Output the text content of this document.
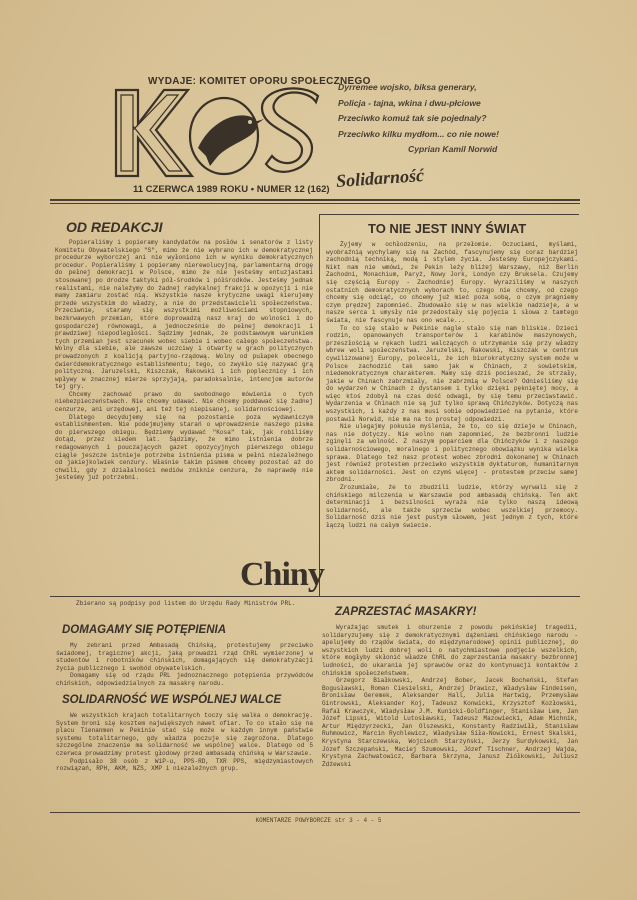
WYDAJE: KOMITET OPORU SPOŁECZNEGO
11 CZERWCA 1989 ROKU • NUMER 12 (162)
Dyrremee wojsko, biksa generary,
Policja - tajna, wkina i dwu-płciowe
Przeciwko komuż tak sie pojednaly?
Przeciwko kilku mydłom... co nie nowe!
Cyprian Kamil Norwid
Solidarność
OD REDAKCJI

Popieraliśmy i popieramy kandydatów na posłów i senatorów z listy Komitetu Obywatelskiego "S", mimo że nie wybrano ich w demokratycznej procedurze wyborczej ani nie wyłoniono ich w wyniku demokratycznych procedur. Popieraliśmy i popieramy nierewolucyjną, parlamentarną drogę do pełnej demokracji w Polsce, mimo że nie jesteśmy entuzjastami stosowanej po drodze taktyki pół-środków i półśrodków. Jesteśmy jednak realistami, nie należymy do żadnej radykalnej frakcji w opozycji i nie mamy zamiaru zostać nią. Wszystkie nasze krytyczne uwagi kierujemy przede wszystkim do władzy, a nie do przedstawicieli społeczeństwa. Przeciwnie, staramy się wszystkimi możliwościami stopniowych, bezkrwawych przemian, które doprowadzą nasz kraj do wolności i do gospodarczej równowagi, a jednocześnie do pełnej demokracji i prawdziwej niepodległości. Sądzimy jednak, że podstawowym warunkiem tych przemian jest szacunek wobec siebie i wobec całego społeczeństwa. Wolny dla siebie, ale zawsze uczciwy i otwarty w grach politycznych prowadzonych z koalicją partyjno-rządową. Wolny od pułapek obecnego ćwierćdemokratycznego establishmentu; tego, co zwykło się nazywać grą polityczną. Jaruzelski, Kiszczak, Rakowski i ich poplecznicy i ich wpływy w znacznej mierze sprzyjają, paradoksalnie, intencjom autorów tej gry.

Chcemy zachować prawo do swobodnego mówienia o tych niebezpieczeństwach. Nie chcemy udawać. Nie chcemy poddawać się żadnej cenzurze, ani urzędowej, ani też tej niepisanej, solidarnościowej.

Dlatego decydujemy się na pozostanie poza wydawniczym establishmentem. Nie podejmujemy starań o wprowadzenie naszego pisma do pierwszego obiegu. Będziemy wydawać "Kosa" tak, jak robiliśmy dotąd, przez siedem lat. Sądzimy, że mimo istnienia dobrze redagowanych i pouczających gazet opozycyjnych pierwszego obiegu ciągle jeszcze istnieje potrzeba istnienia pisma w pełni niezależnego od jakiejkolwiek cenzury. Właśnie takim pismem chcemy pozostać aż do chwili, gdy z działalności mediów zniknie cenzura, że naprawdę nie jesteśmy już potrzebni.

TO NIE JEST INNY ŚWIAT

Żyjemy w ochłodzeniu, na przełomie. Oczuciami, myślami, wyobraźnią wychylamy się na Zachód, fascynujemy się coraz bardziej zachodnią techniką, modą i stylem życia. Jesteśmy Europejczykami. Nikt nam nie wmówi, że Pekin leży bliżej Warszawy, niż Berlin Zachodni, Monachium, Paryż, Nowy Jork, Londyn czy Bruksela. Czujemy się częścią Europy - Zachodniej Europy. Wyraziliśmy w naszych ostatnich demokratycznych wyborach to, czego nie chcemy, od czego chcemy się odciąć, co chcemy już mieć poza sobą, o czym pragniemy czym prędzej zapomnieć. Zbudowało się w nas wielkie nadzieje, a w nasze serca i umysły nie przedostały się pojęcia i słowa z tamtego świata, nie fascynuje nas ono wcale...

To co się stało w Pekinie nagle stało się nam bliskie. Dzieci rodzin, opanowanych transporterów i karabinów maszynowych, przeszłością w rękach ludzi walczących o utrzymanie się przy władzy wbrew woli społeczeństwa. Jaruzelski, Rakowski, Kiszczak w centrum cywilizowanej Europy, poleceli, że ich biurokratyczny system może w Polsce zachodzić tak samo jak w Chinach, z sowietskim, niedemokratycznym charakterem. Mamy się dziś pocieszać, że strzały, jakie w Chinach zabrzmiały, nie zabrzmią w Polsce? Odnieśliśmy się do wydarzeń w Chinach z dystansem i tylko dzięki pękniętej mocy, a więc ktoś zdobył na czas dość odwagi, by się temu przeciwstawić. Wydarzenia w Chinach nie są już tylko sprawą Chińczyków. Dotyczą nas wszystkich, i każdy z nas musi sobie odpowiedzieć na pytanie, które postawił Norwid, nie ma na to prostej odpowiedzi.

Nie ulegajmy pokusie myślenia, że to, co się dzieje w Chinach, nas nie dotyczy. Nie wolno nam zapomnieć, że bezbronni ludzie zginęli za wolność. Z naszym poparciem dla Chińczyków i z naszego solidarnościowego, moralnego i politycznego obowiązku wynika wielka sprawa. Dlatego też nasz protest wobec zbrodni dokonanej w Chinach jest również protestem przeciwko wszystkim dyktaturom, humanitarnym aktem solidarności. Jest on czymś więcej - protestem przeciw samej zbrodni.

Zrozumiałe, że to zbudzili ludzie, którzy wyrwali się z chińskiego milczenia w Warszawie pod ambasadą chińską. Ten akt determinacji i bezsilności wyraża nie tylko naszą ideową solidarność, ale także sprzeciw wobec wszelkiej przemocy. Solidarność dziś nie jest pustym słowem, jest jednym z tych, które łączą ludzi na całym świecie.

Chiny

Zbierano są podpisy pod listem do Urzędu Rady Ministrów PRL.

DOMAGAMY SIĘ POTĘPIENIA

My zebrani przed Ambasadą Chińską, protestujemy przeciwko świadomej, tragicznej akcji, jaką prowadzi rząd ChRL wymierzonej w studentów i robotników chińskich, domagających się demokratyzacji życia publicznego i swobód obywatelskich.

Domagamy się od rządu PRL jednoznacznego potępienia przywódców chińskich, odpowiedzialnych za masakrę narodu.

SOLIDARNOŚĆ WE WSPÓLNEJ WALCE

We wszystkich krajach totalitarnych toczy się walka o demokrację. System broni się kosztem największych nawet ofiar. To co stało się na placu Tienanmen w Pekinie stać się może w każdym innym państwie systemu totalitarnego, gdy władza poczuje się zagrożona. Dlatego szczególne znaczenie ma solidarność we wspólnej walce. Dlatego od 5 czerwca prowadzimy protest głodowy przed ambasadą chińską w Warszawie.

Podpisało 38 osób z WiP-u, PPS-RD, TXR PPS, międzymiastowych rozwiązań, RPH, AKM, NZS, XMP i niezależnych grup.

ZAPRZESTAĆ MASAKRY!

Wyrażając smutek i oburzenie z powodu pekińskiej tragedii, solidaryzujemy się z demokratycznymi dążeniami chińskiego narodu - apelujemy do rządów świata, do międzynarodowej opinii publicznej, do wszystkich ludzi dobrej woli o natychmiastowe podjęcie wszelkich, które mogłyby skłonić władze ChRL do zaprzestania masakry bezbronnej ludności, do ukarania jej sprawców oraz do kontynuacji kontaktów z chińskim społeczeństwem.

Grzegorz Białkowski, Andrzej Bober, Jacek Bocheński, Stefan Bogusławski, Roman Ciesielski, Andrzej Drawicz, Władysław Findeisen, Bronisław Geremek, Aleksander Hall, Julia Hartwig, Przemysław Gintrowski, Aleksander Koj, Tadeusz Konwicki, Krzysztof Kozłowski, Rafał Krawczyk, Władysław J.M. Kunicki-Goldfinger, Stanisław Lem, Jan Józef Lipski, Witold Lutosławski, Tadeusz Mazowiecki, Adam Michnik, Artur Międzyrzecki, Jan Olszewski, Konstanty Radziwiłł, Stanisław Ruhmowicz, Marcin Rychlewicz, Władysław Siła-Nowicki, Ernest Skalski, Krystyna Starczewska, Wojciech Starzyński, Jerzy Surdykowski, Jan Józef Szczepański, Maciej Szumowski, Józef Tischner, Andrzej Wajda, Krystyna Zachwatowicz, Barbara Skrzyna, Janusz Ziółkowski, Juliusz Żdżewski

KOMENTARZE POWYBORCZE str 3 - 4 - 5
